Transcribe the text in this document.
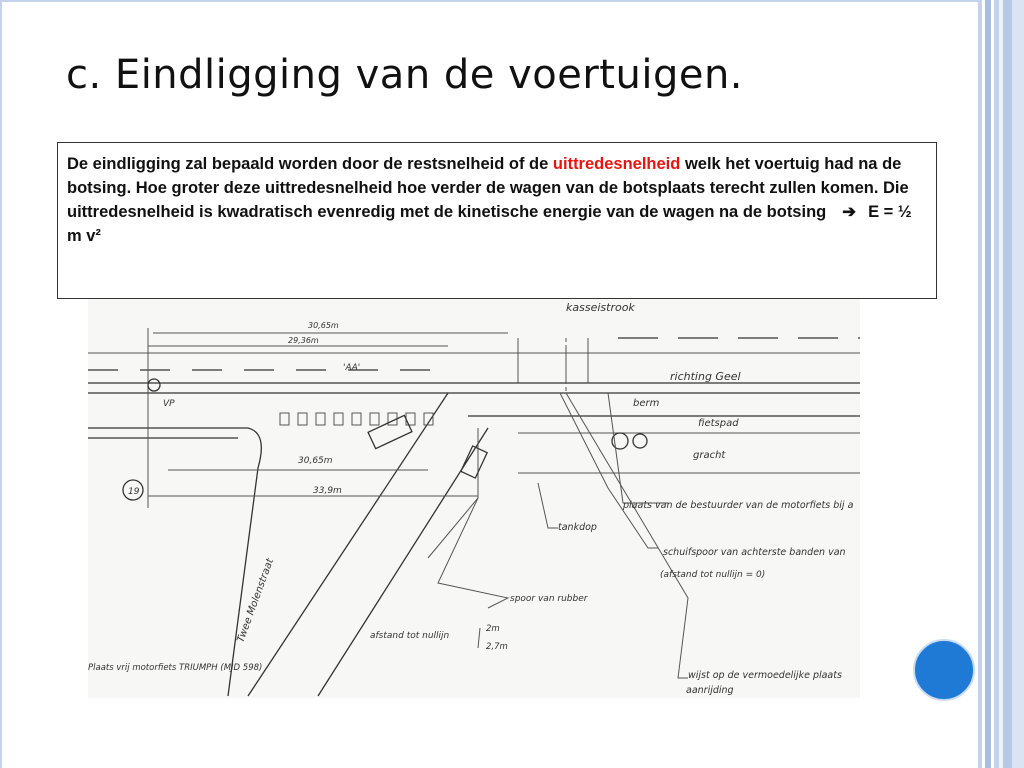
c. Eindligging van de voertuigen.
kasseistrook
richting Geel
berm
fietspad
gracht
plaats van de bestuurder van de motorfiets bij a
schuifspoor van achterste banden van
(afstand tot nullijn = 0)
tankdop
spoor van rubber
afstand tot nullijn
2m
2,7m
wijst op de vermoedelijke plaats
aanrijding
Plaats vrij motorfiets TRIUMPH (MJD 598)
30,65m
33,9m
30,65m
29,36m
'AA'
VP
19
Twee Molenstraat
De eindligging zal bepaald worden door de restsnelheid of de uittredesnelheid welk het voertuig had na de botsing. Hoe groter deze uittredesnelheid hoe verder de wagen van de botsplaats terecht zullen komen. Die uittredesnelheid is kwadratisch evenredig met de kinetische energie van de wagen na de botsing ➔ E = ½ m v²
